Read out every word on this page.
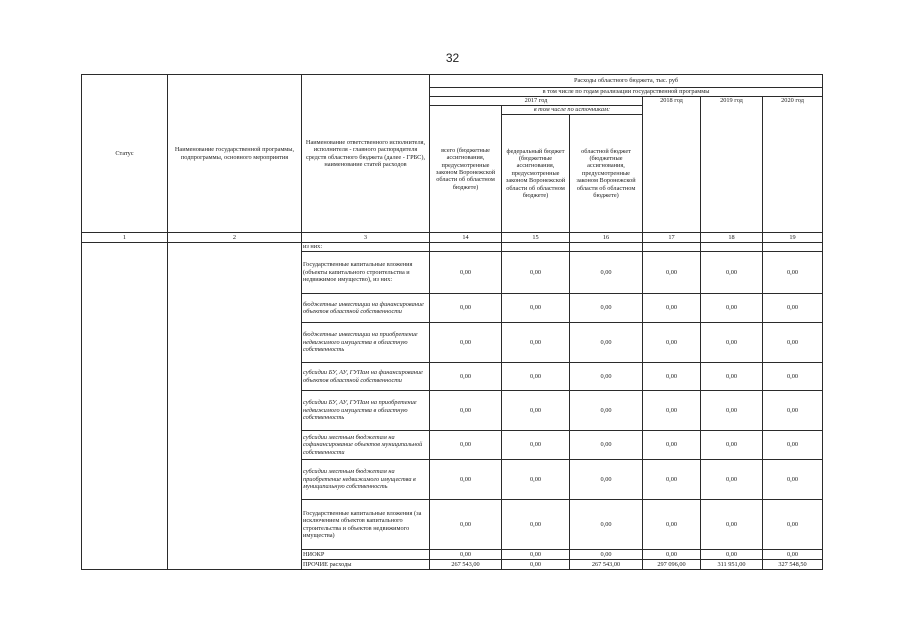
32
Статус	Наименование государственной программы, подпрограммы, основного мероприятия	Наименование ответственного исполнителя, исполнителя - главного распорядителя средств областного бюджета (далее - ГРБС), наименование статей расходов	Расходы областного бюджета, тыс. руб					
			в том числе по годам реализации государственной программы					
			2017 год			2018 год	2019 год	2020 год
			всего (бюджетные ассигнования, предусмотренные законом Воронежской области об областном бюджете)	в том числе по источникам:				
				федеральный бюджет (бюджетные ассигнования, предусмотренные законом Воронежской области об областном бюджете)	областной бюджет (бюджетные ассигнования, предусмотренные законом Воронежской области об областном бюджете)			
1	2	3	14	15	16	17	18	19
		из них:						
		Государственные капитальные вложения (объекты капитального строительства и недвижимое имущество), из них:	0,00	0,00	0,00	0,00	0,00	0,00
		бюджетные инвестиции на финансирование объектов областной собственности	0,00	0,00	0,00	0,00	0,00	0,00
		бюджетные инвестиции на приобретение недвижимого имущества в областную собственность	0,00	0,00	0,00	0,00	0,00	0,00
		субсидии БУ, АУ, ГУПам на финансирование объектов областной собственности	0,00	0,00	0,00	0,00	0,00	0,00
		субсидии БУ, АУ, ГУПам на приобретение недвижимого имущества в областную собственность	0,00	0,00	0,00	0,00	0,00	0,00
		субсидии местным бюджетам на софинансирование объектов муниципальной собственности	0,00	0,00	0,00	0,00	0,00	0,00
		субсидии местным бюджетам на приобретение недвижимого имущества в муниципальную собственность	0,00	0,00	0,00	0,00	0,00	0,00
		Государственные капитальные вложения (за исключением объектов капитального строительства и объектов недвижимого имущества)	0,00	0,00	0,00	0,00	0,00	0,00
		НИОКР	0,00	0,00	0,00	0,00	0,00	0,00
		ПРОЧИЕ расходы	267 543,00	0,00	267 543,00	297 096,00	311 951,00	327 548,50
